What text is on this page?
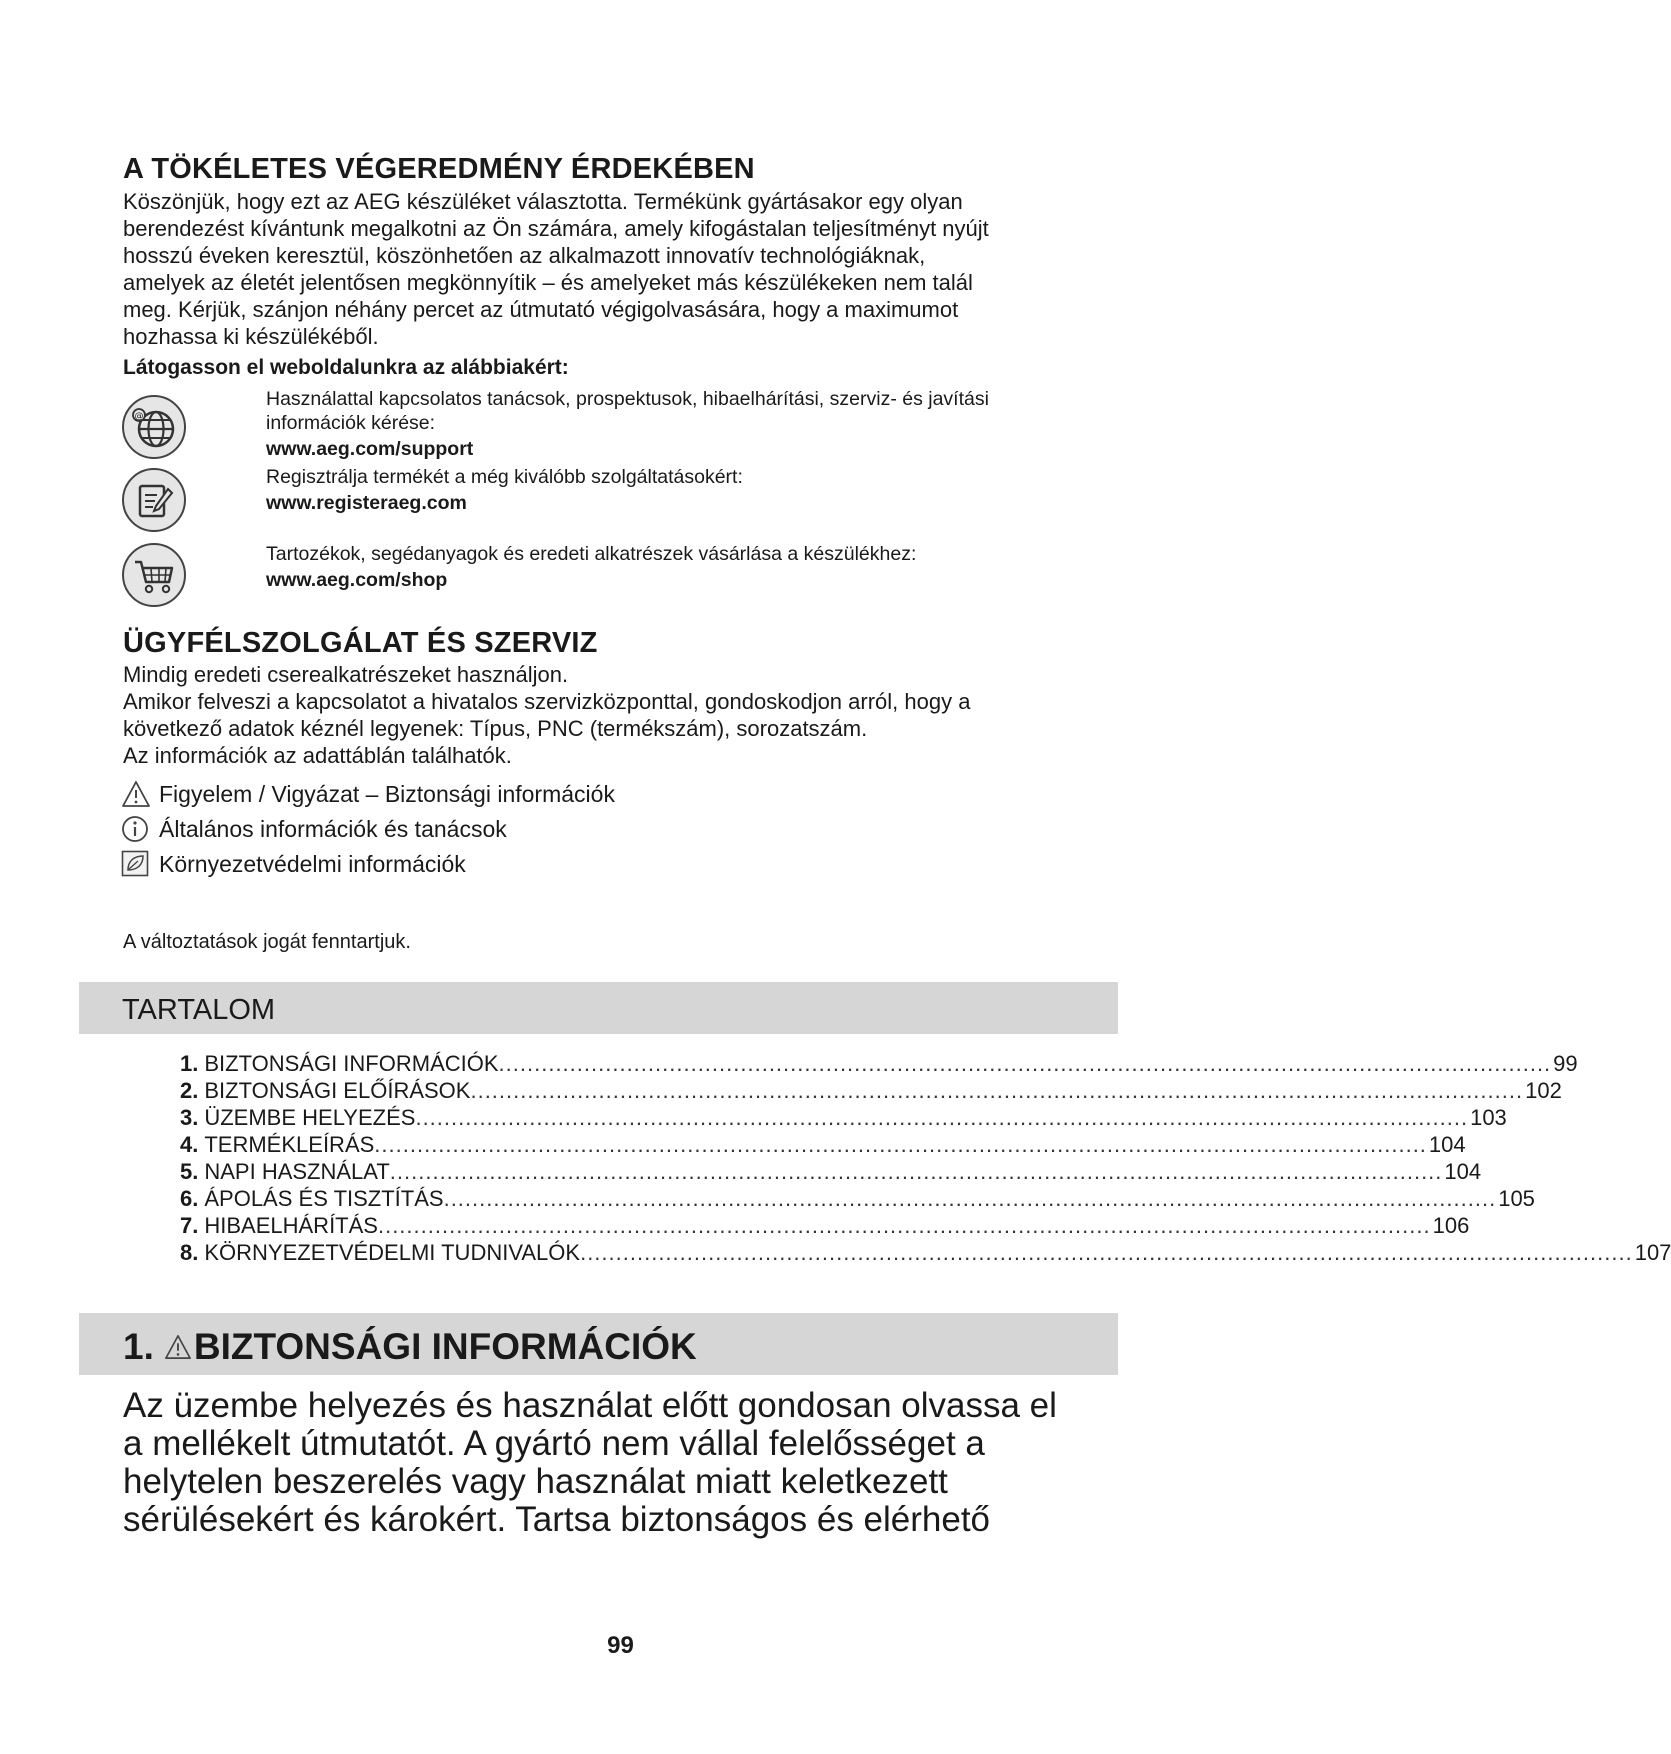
A TÖKÉLETES VÉGEREDMÉNY ÉRDEKÉBEN
Köszönjük, hogy ezt az AEG készüléket választotta. Termékünk gyártásakor egy olyan
berendezést kívántunk megalkotni az Ön számára, amely kifogástalan teljesítményt nyújt
hosszú éveken keresztül, köszönhetően az alkalmazott innovatív technológiáknak,
amelyek az életét jelentősen megkönnyítik – és amelyeket más készülékeken nem talál
meg. Kérjük, szánjon néhány percet az útmutató végigolvasására, hogy a maximumot
hozhassa ki készülékéből.
Látogasson el weboldalunkra az alábbiakért:
@
Használattal kapcsolatos tanácsok, prospektusok, hibaelhárítási, szerviz- és javítási
információk kérése:
www.aeg.com/support
Regisztrálja termékét a még kiválóbb szolgáltatásokért:
www.registeraeg.com
Tartozékok, segédanyagok és eredeti alkatrészek vásárlása a készülékhez:
www.aeg.com/shop
ÜGYFÉLSZOLGÁLAT ÉS SZERVIZ
Mindig eredeti cserealkatrészeket használjon.
Amikor felveszi a kapcsolatot a hivatalos szervizközponttal, gondoskodjon arról, hogy a
következő adatok kéznél legyenek: Típus, PNC (termékszám), sorozatszám.
Az információk az adattáblán találhatók.
Figyelem / Vigyázat – Biztonsági információk
Általános információk és tanácsok
Környezetvédelmi információk
A változtatások jogát fenntartjuk.
TARTALOM
1. BIZTONSÁGI INFORMÁCIÓK .................................................................................................................................................... 99
2. BIZTONSÁGI ELŐÍRÁSOK .................................................................................................................................................... 102
3. ÜZEMBE HELYEZÉS .................................................................................................................................................... 103
4. TERMÉKLEÍRÁS .................................................................................................................................................... 104
5. NAPI HASZNÁLAT .................................................................................................................................................... 104
6. ÁPOLÁS ÉS TISZTÍTÁS .................................................................................................................................................... 105
7. HIBAELHÁRÍTÁS .................................................................................................................................................... 106
8. KÖRNYEZETVÉDELMI TUDNIVALÓK .................................................................................................................................................... 107
1. BIZTONSÁGI INFORMÁCIÓK
Az üzembe helyezés és használat előtt gondosan olvassa el
a mellékelt útmutatót. A gyártó nem vállal felelősséget a
helytelen beszerelés vagy használat miatt keletkezett
sérülésekért és károkért. Tartsa biztonságos és elérhető
99
